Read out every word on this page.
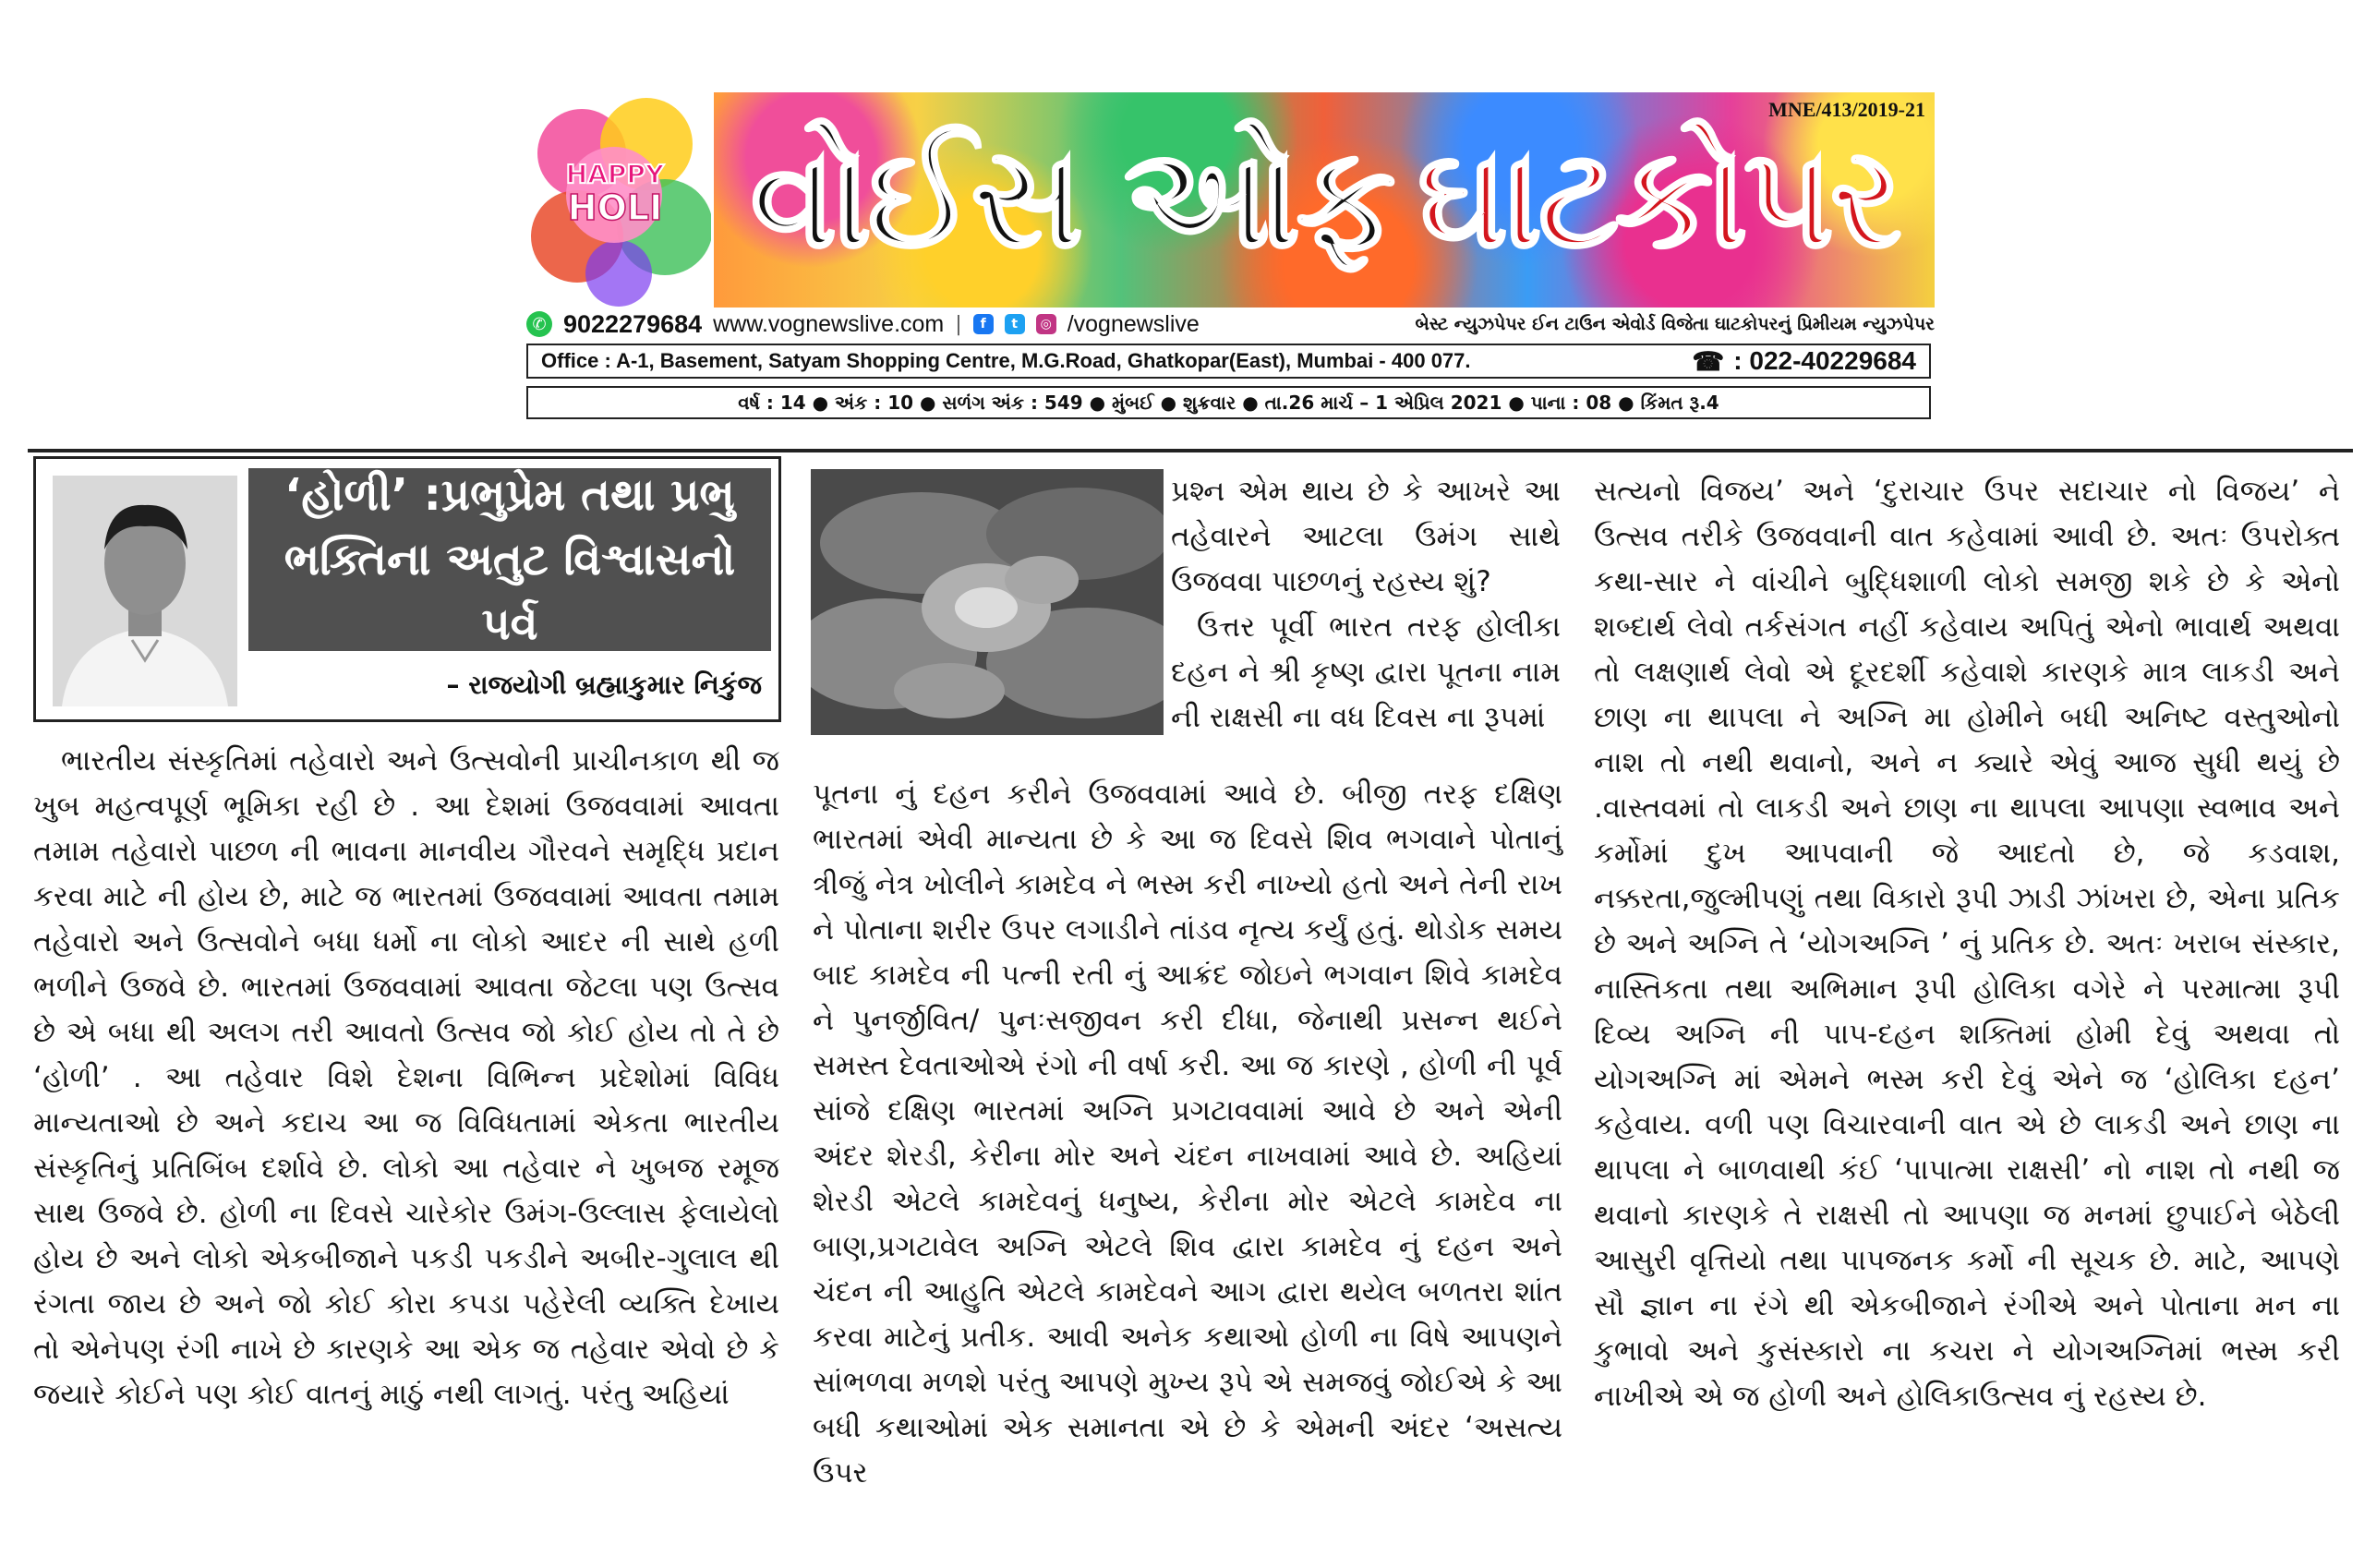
HAPPY
HOLI વોઈસ ઓફ ઘાટકોપર
MNE/413/2019-21
✆ 9022279684 www.vognewslive.com |	f	t	◎ /vognewslive	બેસ્ટ ન્યુઝપેપર ઈન ટાઉન એવોર્ડ વિજેતા ઘાટકોપરનું પ્રિમીયમ ન્યુઝપેપર
Office : A-1, Basement, Satyam Shopping Centre, M.G.Road, Ghatkopar(East), Mumbai - 400 077.	☎ : 022-40229684
વર્ષ : 14 ● અંક : 10 ● સળંગ અંક : 549 ● મુંબઈ ● શુક્રવાર ● તા.26 માર્ચ – 1 એપ્રિલ 2021 ● પાના : 08 ● કિંમત રૂ.4
‘હોળી’ :પ્રભુપ્રેમ તથા પ્રભુ
ભક્તિના અતુટ વિશ્વાસનો પર્વ
– રાજયોગી બ્રહ્માકુમાર નિકુંજ
ભારતીય સંસ્કૃતિમાં તહેવારો અને ઉત્સવોની પ્રાચીનકાળ થી જ ખુબ મહત્વપૂર્ણ ભૂમિકા રહી છે . આ દેશમાં ઉજવવામાં આવતા તમામ તહેવારો પાછળ ની ભાવના માનવીય ગૌરવને સમૃદ્ધિ પ્રદાન કરવા માટે ની હોય છે, માટે જ ભારતમાં ઉજવવામાં આવતા તમામ તહેવારો અને ઉત્સવોને બધા ધર્મો ના લોકો આદર ની સાથે હળી ભળીને ઉજવે છે. ભારતમાં ઉજવવામાં આવતા જેટલા પણ ઉત્સવ છે એ બધા થી અલગ તરી આવતો ઉત્સવ જો કોઈ હોય તો તે છે ‘હોળી’ . આ તહેવાર વિશે દેશના વિભિન્ન પ્રદેશોમાં વિવિધ માન્યતાઓ છે અને કદાચ આ જ વિવિધતામાં એકતા ભારતીય સંસ્કૃતિનું પ્રતિબિંબ દર્શાવે છે. લોકો આ તહેવાર ને ખુબજ રમૂજ સાથ ઉજવે છે. હોળી ના દિવસે ચારેકોર ઉમંગ-ઉલ્લાસ ફેલાયેલો હોય છે અને લોકો એકબીજાને પકડી પકડીને અબીર-ગુલાલ થી રંગતા જાય છે અને જો કોઈ કોરા કપડા પહેરેલી વ્યક્તિ દેખાય તો એનેપણ રંગી નાખે છે કારણકે આ એક જ તહેવાર એવો છે કે જયારે કોઈને પણ કોઈ વાતનું માઠું નથી લાગતું. પરંતુ અહિયાં

પ્રશ્ન એમ થાય છે કે આખરે આ તહેવારને આટલા ઉમંગ સાથે ઉજવવા પાછળનું રહસ્ય શું?

ઉત્તર પૂર્વી ભારત તરફ હોલીકા દહન ને શ્રી કૃષ્ણ દ્વારા પૂતના નામ ની રાક્ષસી ના વધ દિવસ ના રૂપમાં

પૂતના નું દહન કરીને ઉજવવામાં આવે છે. બીજી તરફ દક્ષિણ ભારતમાં એવી માન્યતા છે કે આ જ દિવસે શિવ ભગવાને પોતાનું ત્રીજું નેત્ર ખોલીને કામદેવ ને ભસ્મ કરી નાખ્યો હતો અને તેની રાખ ને પોતાના શરીર ઉપર લગાડીને તાંડવ નૃત્ય કર્યું હતું. થોડોક સમય બાદ કામદેવ ની પત્ની રતી નું આક્રંદ જોઇને ભગવાન શિવે કામદેવ ને પુનર્જીવિત/ પુનઃસજીવન કરી દીધા, જેનાથી પ્રસન્ન થઈને સમસ્ત દેવતાઓએ રંગો ની વર્ષા કરી. આ જ કારણે , હોળી ની પૂર્વ સાંજે દક્ષિણ ભારતમાં અગ્નિ પ્રગટાવવામાં આવે છે અને એની અંદર શેરડી, કેરીના મોર અને ચંદન નાખવામાં આવે છે. અહિયાં શેરડી એટલે કામદેવનું ધનુષ્ય, કેરીના મોર એટલે કામદેવ ના બાણ,પ્રગટાવેલ અગ્નિ એટલે શિવ દ્વારા કામદેવ નું દહન અને ચંદન ની આહુતિ એટલે કામદેવને આગ દ્વારા થયેલ બળતરા શાંત કરવા માટેનું પ્રતીક. આવી અનેક કથાઓ હોળી ના વિષે આપણને સાંભળવા મળશે પરંતુ આપણે મુખ્ય રૂપે એ સમજવું જોઈએ કે આ બધી કથાઓમાં એક સમાનતા એ છે કે એમની અંદર ‘અસત્ય ઉપર
સત્યનો વિજય’ અને ‘દુરાચાર ઉપર સદાચાર નો વિજય’ ને ઉત્સવ તરીકે ઉજવવાની વાત કહેવામાં આવી છે. અતઃ ઉપરોક્ત કથા-સાર ને વાંચીને બુદ્ધિશાળી લોકો સમજી શકે છે કે એનો શબ્દાર્થ લેવો તર્કસંગત નહીં કહેવાય અપિતું એનો ભાવાર્થ અથવા તો લક્ષણાર્થ લેવો એ દૂરદર્શી કહેવાશે કારણકે માત્ર લાકડી અને છાણ ના થાપલા ને અગ્નિ મા હોમીને બધી અનિષ્ટ વસ્તુઓનો નાશ તો નથી થવાનો, અને ન ક્યારે એવું આજ સુધી થયું છે .વાસ્તવમાં તો લાકડી અને છાણ ના થાપલા આપણા સ્વભાવ અને કર્મોમાં દુખ આપવાની જે આદતો છે, જે કડવાશ, નક્કરતા,જુલ્મીપણું તથા વિકારો રૂપી ઝાડી ઝાંખરા છે, એના પ્રતિક છે અને અગ્નિ તે ‘યોગઅગ્નિ ’ નું પ્રતિક છે. અતઃ ખરાબ સંસ્કાર, નાસ્તિકતા તથા અભિમાન રૂપી હોલિકા વગેરે ને પરમાત્મા રૂપી દિવ્ય અગ્નિ ની પાપ-દહન શક્તિમાં હોમી દેવું અથવા તો યોગઅગ્નિ માં એમને ભસ્મ કરી દેવું એને જ ‘હોલિકા દહન’ કહેવાય. વળી પણ વિચારવાની વાત એ છે લાકડી અને છાણ ના થાપલા ને બાળવાથી કંઈ ‘પાપાત્મા રાક્ષસી’ નો નાશ તો નથી જ થવાનો કારણકે તે રાક્ષસી તો આપણા જ મનમાં છુપાઈને બેઠેલી આસુરી વૃત્તિયો તથા પાપજનક કર્મો ની સૂચક છે. માટે, આપણે સૌ જ્ઞાન ના રંગે થી એકબીજાને રંગીએ અને પોતાના મન ના કુભાવો અને કુસંસ્કારો ના કચરા ને યોગઅગ્નિમાં ભસ્મ કરી નાખીએ એ જ હોળી અને હોલિકાઉત્સવ નું રહસ્ય છે.
